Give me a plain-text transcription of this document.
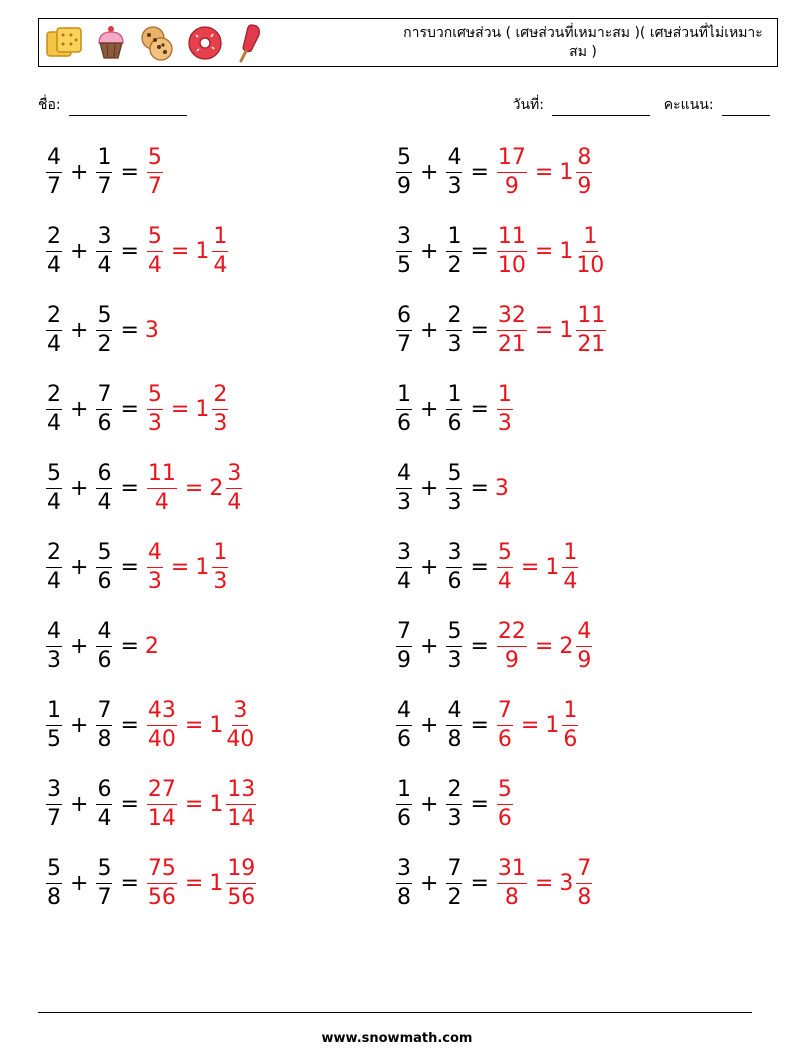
การบวกเศษส่วน ( เศษส่วนที่เหมาะสม )( เศษส่วนที่ไม่เหมาะสม )
ชื่อ:	วันที่:	คะแนน:
$\frac{4}{7} + \frac{1}{7} = \frac{5}{7}$	$\frac{5}{9} + \frac{4}{3} = \frac{17}{9} = 1 \frac{8}{9}$
$\frac{2}{4} + \frac{3}{4} = \frac{5}{4} = 1 \frac{1}{4}$	$\frac{3}{5} + \frac{1}{2} = \frac{11}{10} = 1 \frac{1}{10}$
$\frac{2}{4} + \frac{5}{2} = 3$	$\frac{6}{7} + \frac{2}{3} = \frac{32}{21} = 1 \frac{11}{21}$
$\frac{2}{4} + \frac{7}{6} = \frac{5}{3} = 1 \frac{2}{3}$	$\frac{1}{6} + \frac{1}{6} = \frac{1}{3}$
$\frac{5}{4} + \frac{6}{4} = \frac{11}{4} = 2 \frac{3}{4}$	$\frac{4}{3} + \frac{5}{3} = 3$
$\frac{2}{4} + \frac{5}{6} = \frac{4}{3} = 1 \frac{1}{3}$	$\frac{3}{4} + \frac{3}{6} = \frac{5}{4} = 1 \frac{1}{4}$
$\frac{4}{3} + \frac{4}{6} = 2$	$\frac{7}{9} + \frac{5}{3} = \frac{22}{9} = 2 \frac{4}{9}$
$\frac{1}{5} + \frac{7}{8} = \frac{43}{40} = 1 \frac{3}{40}$	$\frac{4}{6} + \frac{4}{8} = \frac{7}{6} = 1 \frac{1}{6}$
$\frac{3}{7} + \frac{6}{4} = \frac{27}{14} = 1 \frac{13}{14}$	$\frac{1}{6} + \frac{2}{3} = \frac{5}{6}$
$\frac{5}{8} + \frac{5}{7} = \frac{75}{56} = 1 \frac{19}{56}$	$\frac{3}{8} + \frac{7}{2} = \frac{31}{8} = 3 \frac{7}{8}$
www.snowmath.com
